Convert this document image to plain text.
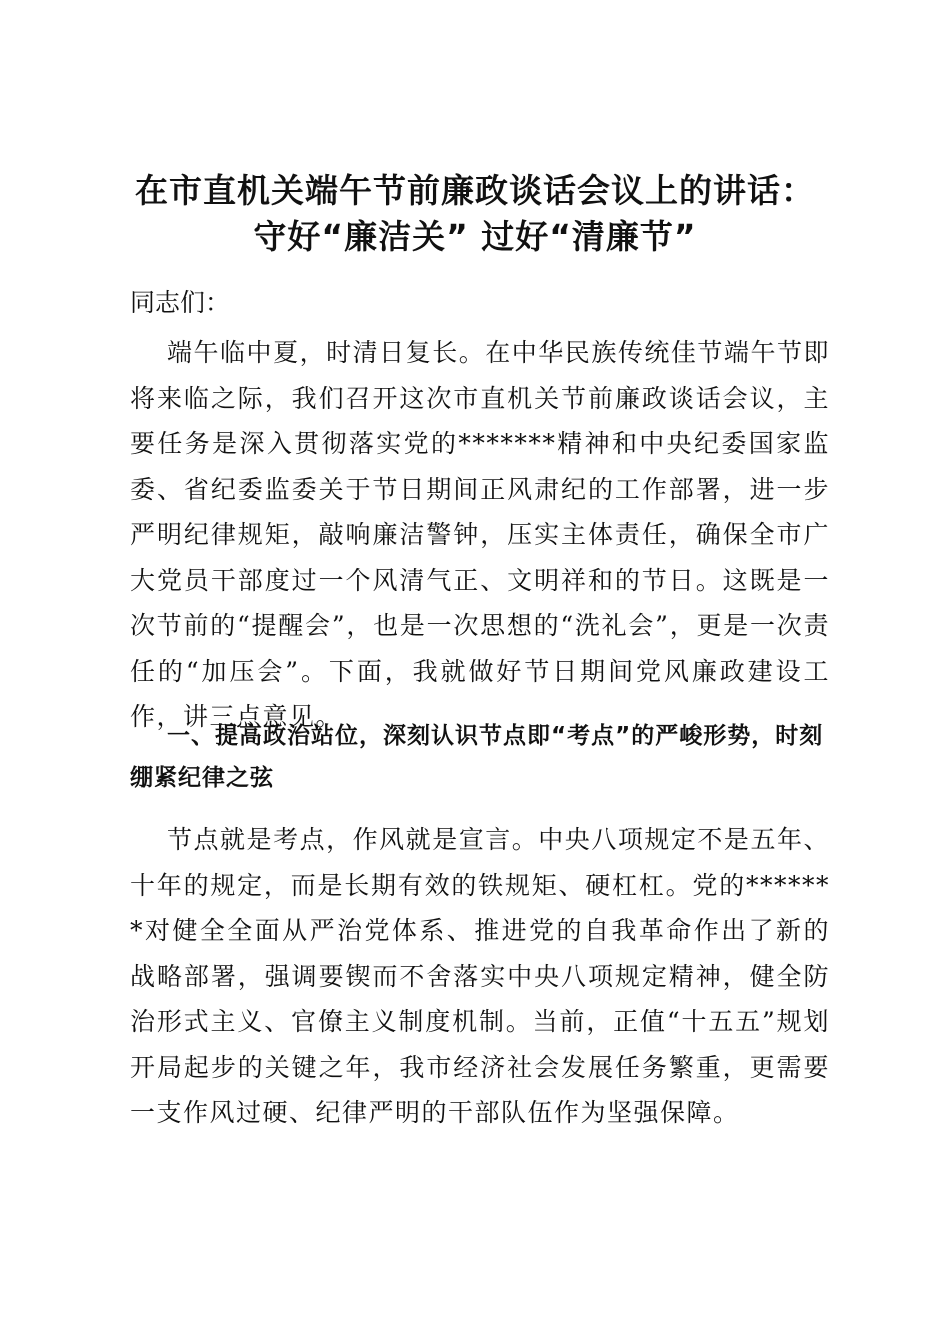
在市直机关端午节前廉政谈话会议上的讲话：
守好“廉洁关” 过好“清廉节”
同志们：

端午临中夏，时清日复长。在中华民族传统佳节端午节即将来临之际，我们召开这次市直机关节前廉政谈话会议，主要任务是深入贯彻落实党的*******精神和中央纪委国家监委、省纪委监委关于节日期间正风肃纪的工作部署，进一步严明纪律规矩，敲响廉洁警钟，压实主体责任，确保全市广大党员干部度过一个风清气正、文明祥和的节日。这既是一次节前的“提醒会”，也是一次思想的“洗礼会”，更是一次责任的“加压会”。下面，我就做好节日期间党风廉政建设工作，讲三点意见。

一、提高政治站位，深刻认识节点即“考点”的严峻形势，时刻绷紧纪律之弦

节点就是考点，作风就是宣言。中央八项规定不是五年、十年的规定，而是长期有效的铁规矩、硬杠杠。党的*******对健全全面从严治党体系、推进党的自我革命作出了新的战略部署，强调要锲而不舍落实中央八项规定精神，健全防治形式主义、官僚主义制度机制。当前，正值“十五五”规划开局起步的关键之年，我市经济社会发展任务繁重，更需要一支作风过硬、纪律严明的干部队伍作为坚强保障。
